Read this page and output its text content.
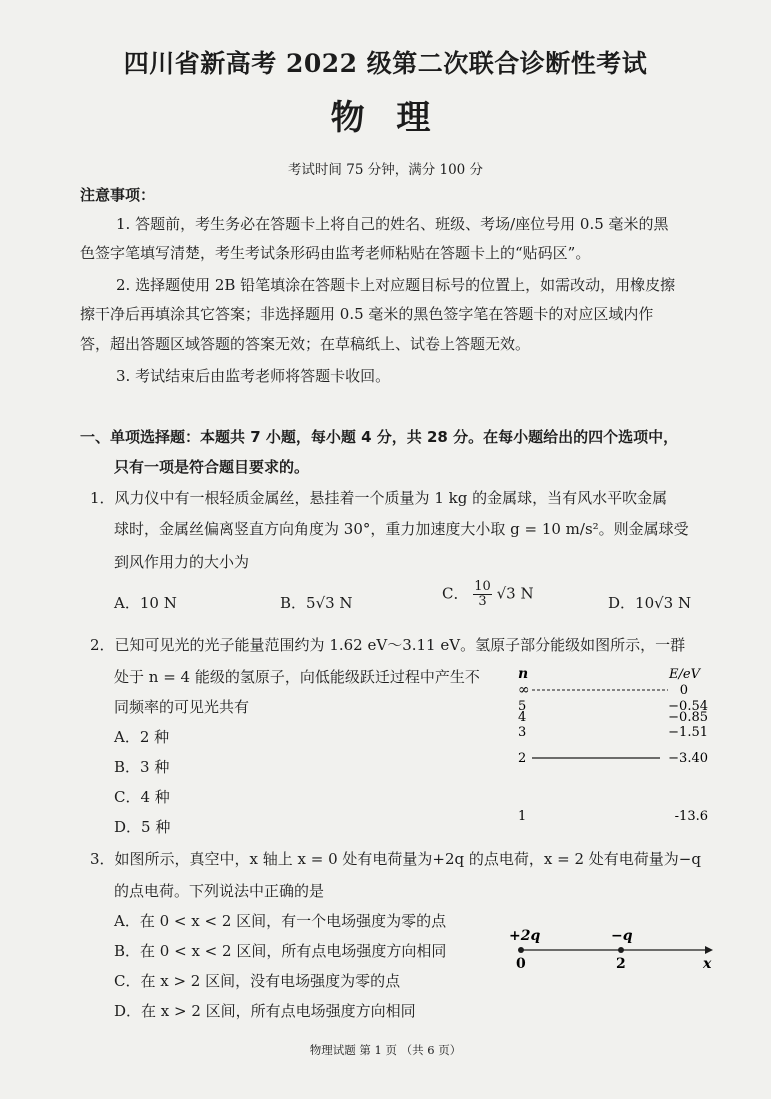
四川省新高考 2022 级第二次联合诊断性考试
物 理
考试时间 75 分钟，满分 100 分
注意事项：
1. 答题前，考生务必在答题卡上将自己的姓名、班级、考场/座位号用 0.5 毫米的黑
色签字笔填写清楚，考生考试条形码由监考老师粘贴在答题卡上的“贴码区”。
2. 选择题使用 2B 铅笔填涂在答题卡上对应题目标号的位置上，如需改动，用橡皮擦
擦干净后再填涂其它答案；非选择题用 0.5 毫米的黑色签字笔在答题卡的对应区域内作
答，超出答题区域答题的答案无效；在草稿纸上、试卷上答题无效。
3. 考试结束后由监考老师将答题卡收回。
一、单项选择题：本题共 7 小题，每小题 4 分，共 28 分。在每小题给出的四个选项中，
只有一项是符合题目要求的。
1．风力仪中有一根轻质金属丝，悬挂着一个质量为 1 kg 的金属球，当有风水平吹金属
球时，金属丝偏离竖直方向角度为 30°，重力加速度大小取 g = 10 m/s²。则金属球受
到风作用力的大小为
A．10 N	B．5√3 N
C． $\frac{10}{3} √3$ N
D．10√3 N
2．已知可见光的光子能量范围约为 1.62 eV～3.11 eV。氢原子部分能级如图所示，一群
处于 n = 4 能级的氢原子，向低能级跃迁过程中产生不
同频率的可见光共有
A．2 种
B．3 种
C．4 种
D．5 种
n	E/eV
∞	0
5	−0.54
4	−0.85
3	−1.51
2	−3.40
1	-13.6
3．如图所示，真空中，x 轴上 x = 0 处有电荷量为+2q 的点电荷，x = 2 处有电荷量为−q
的点电荷。下列说法中正确的是
A．在 0 < x < 2 区间，有一个电场强度为零的点
B．在 0 < x < 2 区间，所有点电场强度方向相同
C．在 x > 2 区间，没有电场强度为零的点
D．在 x > 2 区间，所有点电场强度方向相同
+2q	−q
0	2	x
物理试题 第 1 页 （共 6 页）
